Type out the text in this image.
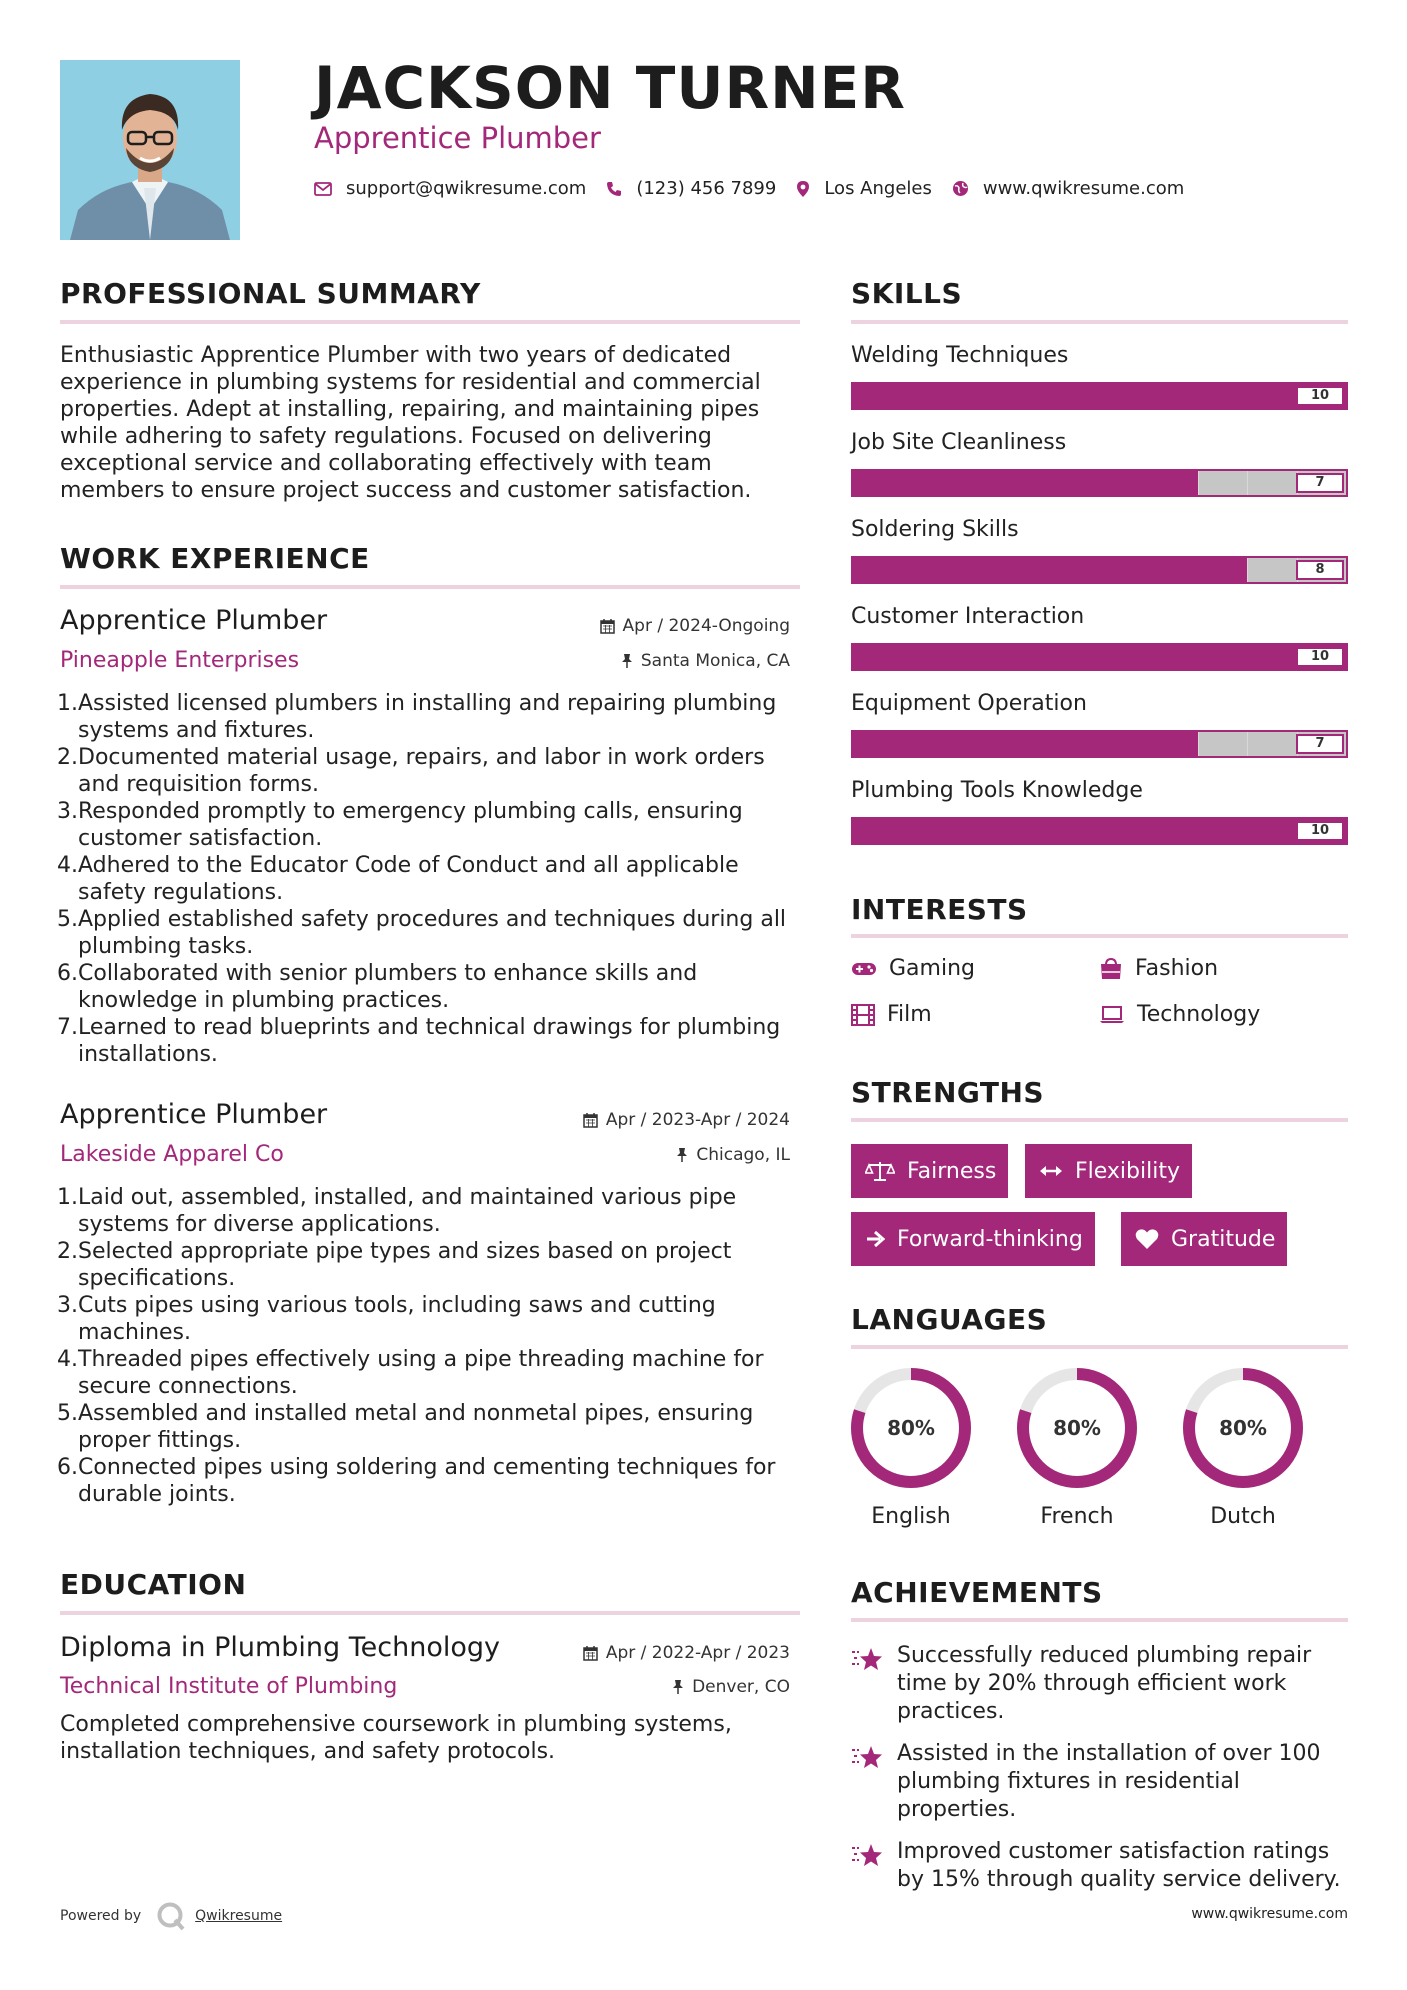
JACKSON TURNER
Apprentice Plumber
support@qwikresume.com	(123) 456 7899	Los Angeles	www.qwikresume.com
PROFESSIONAL SUMMARY
Enthusiastic Apprentice Plumber with two years of dedicated experience in plumbing systems for residential and commercial properties. Adept at installing, repairing, and maintaining pipes while adhering to safety regulations. Focused on delivering exceptional service and collaborating effectively with team members to ensure project success and customer satisfaction.
WORK EXPERIENCE
Apprentice Plumber	Apr / 2024-Ongoing
Pineapple Enterprises	Santa Monica, CA
1. Assisted licensed plumbers in installing and repairing plumbing systems and fixtures.
2. Documented material usage, repairs, and labor in work orders and requisition forms.
3. Responded promptly to emergency plumbing calls, ensuring customer satisfaction.
4. Adhered to the Educator Code of Conduct and all applicable safety regulations.
5. Applied established safety procedures and techniques during all plumbing tasks.
6. Collaborated with senior plumbers to enhance skills and knowledge in plumbing practices.
7. Learned to read blueprints and technical drawings for plumbing installations.
Apprentice Plumber	Apr / 2023-Apr / 2024
Lakeside Apparel Co	Chicago, IL
1. Laid out, assembled, installed, and maintained various pipe systems for diverse applications.
2. Selected appropriate pipe types and sizes based on project specifications.
3. Cuts pipes using various tools, including saws and cutting machines.
4. Threaded pipes effectively using a pipe threading machine for secure connections.
5. Assembled and installed metal and nonmetal pipes, ensuring proper fittings.
6. Connected pipes using soldering and cementing techniques for durable joints.
EDUCATION
Diploma in Plumbing Technology	Apr / 2022-Apr / 2023
Technical Institute of Plumbing	Denver, CO
Completed comprehensive coursework in plumbing systems, installation techniques, and safety protocols.
SKILLS
Welding Techniques
10
Job Site Cleanliness
7
Soldering Skills
8
Customer Interaction
10
Equipment Operation
7
Plumbing Tools Knowledge
10
INTERESTS
Gaming	Fashion
Film	Technology
STRENGTHS
Fairness	Flexibility
Forward-thinking	Gratitude
LANGUAGES
80%
English
80%
French
80%
Dutch
ACHIEVEMENTS
Successfully reduced plumbing repair time by 20% through efficient work practices.
Assisted in the installation of over 100 plumbing fixtures in residential properties.
Improved customer satisfaction ratings by 15% through quality service delivery.
Powered by	Qwikresume	www.qwikresume.com
